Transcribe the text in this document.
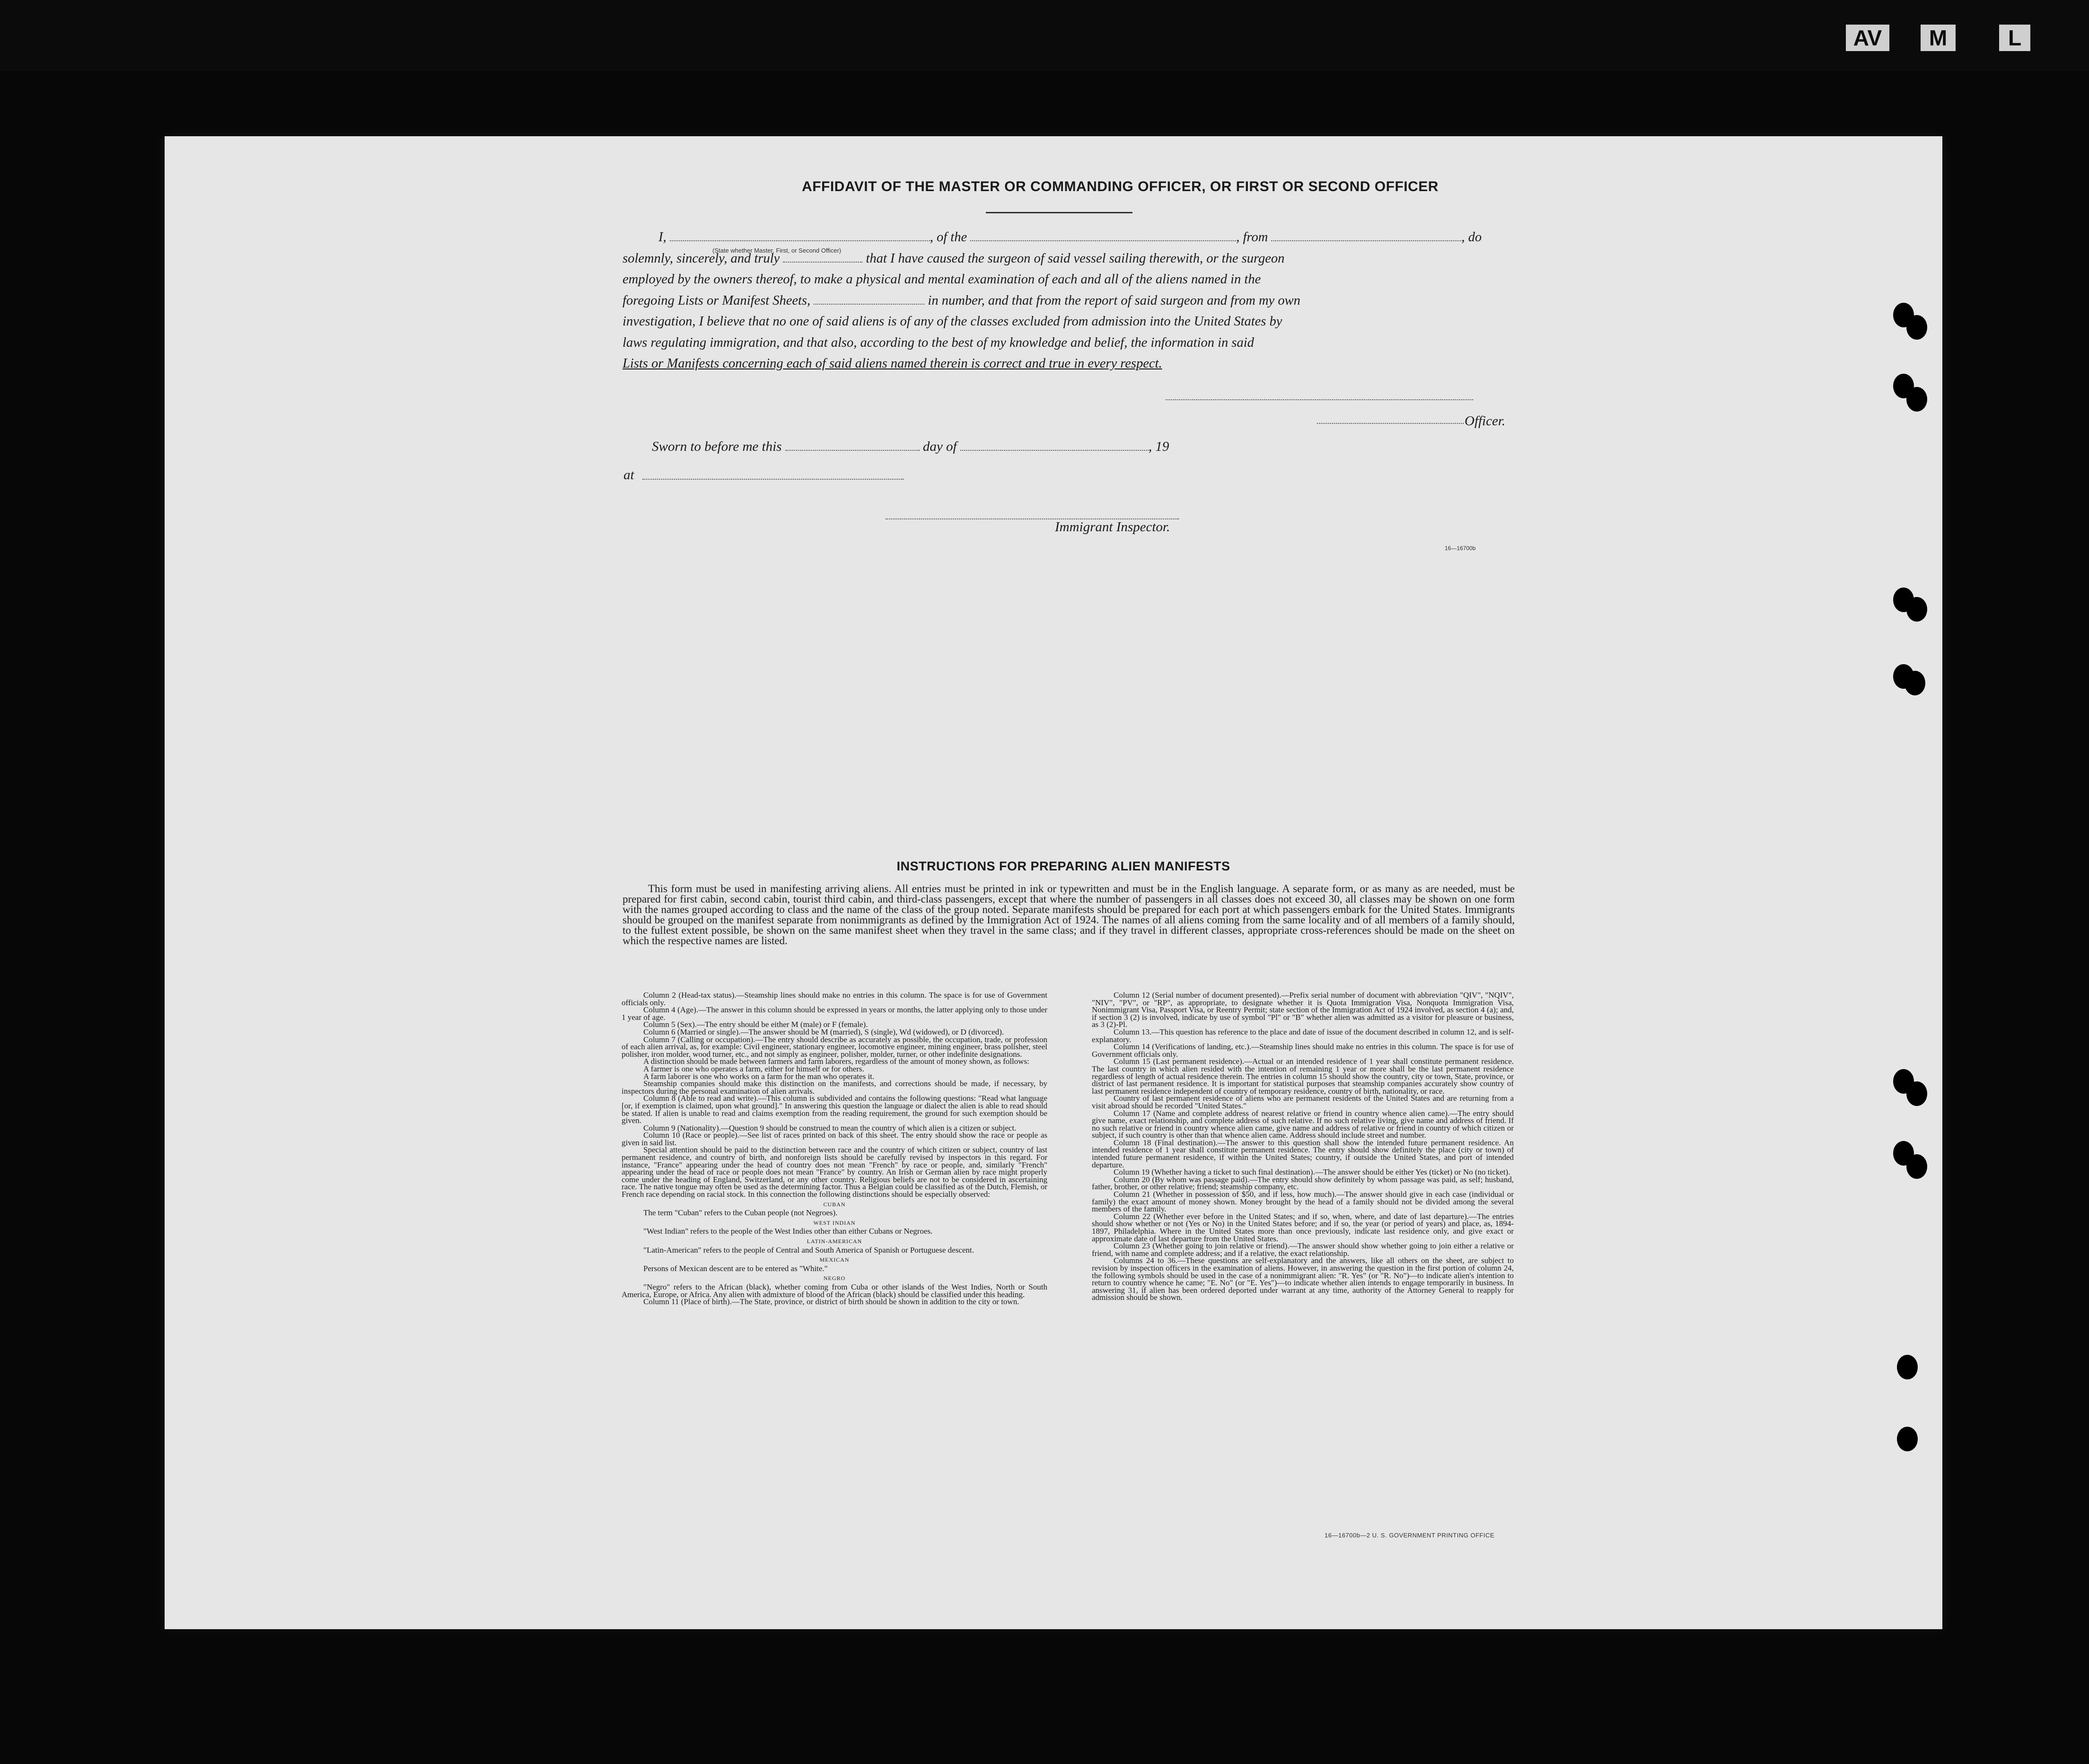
AV	M	L
AFFIDAVIT OF THE MASTER OR COMMANDING OFFICER, OR FIRST OR SECOND OFFICER
I,	, of the	, from	, do
solemnly, sincerely, and truly	that I have caused the surgeon of said vessel sailing therewith, or the surgeon
employed by the owners thereof, to make a physical and mental examination of each and all of the aliens named in the
foregoing Lists or Manifest Sheets,	in number, and that from the report of said surgeon and from my own
investigation, I believe that no one of said aliens is of any of the classes excluded from admission into the United States by
laws regulating immigration, and that also, according to the best of my knowledge and belief, the information in said
Lists or Manifests concerning each of said aliens named therein is correct and true in every respect.
(State whether Master, First, or Second Officer)
Officer.
Sworn to before me this	day of	, 19
at
Immigrant Inspector.
16—16700b
INSTRUCTIONS FOR PREPARING ALIEN MANIFESTS
This form must be used in manifesting arriving aliens. All entries must be printed in ink or typewritten and must be in the English language. A separate form, or as many as are needed, must be prepared for first cabin, second cabin, tourist third cabin, and third-class passengers, except that where the number of passengers in all classes does not exceed 30, all classes may be shown on one form with the names grouped according to class and the name of the class of the group noted. Separate manifests should be prepared for each port at which passengers embark for the United States. Immigrants should be grouped on the manifest separate from nonimmigrants as defined by the Immigration Act of 1924. The names of all aliens coming from the same locality and of all members of a family should, to the fullest extent possible, be shown on the same manifest sheet when they travel in the same class; and if they travel in different classes, appropriate cross-references should be made on the sheet on which the respective names are listed.

Column 2 (Head-tax status).—Steamship lines should make no entries in this column. The space is for use of Government officials only.

Column 4 (Age).—The answer in this column should be expressed in years or months, the latter applying only to those under 1 year of age.

Column 5 (Sex).—The entry should be either M (male) or F (female).

Column 6 (Married or single).—The answer should be M (married), S (single), Wd (widowed), or D (divorced).

Column 7 (Calling or occupation).—The entry should describe as accurately as possible, the occupation, trade, or profession of each alien arrival, as, for example: Civil engineer, stationary engineer, locomotive engineer, mining engineer, brass polisher, steel polisher, iron molder, wood turner, etc., and not simply as engineer, polisher, molder, turner, or other indefinite designations.

A distinction should be made between farmers and farm laborers, regardless of the amount of money shown, as follows:

A farmer is one who operates a farm, either for himself or for others.

A farm laborer is one who works on a farm for the man who operates it.

Steamship companies should make this distinction on the manifests, and corrections should be made, if necessary, by inspectors during the personal examination of alien arrivals.

Column 8 (Able to read and write).—This column is subdivided and contains the following questions: "Read what language [or, if exemption is claimed, upon what ground]." In answering this question the language or dialect the alien is able to read should be stated. If alien is unable to read and claims exemption from the reading requirement, the ground for such exemption should be given.

Column 9 (Nationality).—Question 9 should be construed to mean the country of which alien is a citizen or subject.

Column 10 (Race or people).—See list of races printed on back of this sheet. The entry should show the race or people as given in said list.

Special attention should be paid to the distinction between race and the country of which citizen or subject, country of last permanent residence, and country of birth, and nonforeign lists should be carefully revised by inspectors in this regard. For instance, "France" appearing under the head of country does not mean "French" by race or people, and, similarly "French" appearing under the head of race or people does not mean "France" by country. An Irish or German alien by race might properly come under the heading of England, Switzerland, or any other country. Religious beliefs are not to be considered in ascertaining race. The native tongue may often be used as the determining factor. Thus a Belgian could be classified as of the Dutch, Flemish, or French race depending on racial stock. In this connection the following distinctions should be especially observed:

CUBAN

The term "Cuban" refers to the Cuban people (not Negroes).

WEST INDIAN

"West Indian" refers to the people of the West Indies other than either Cubans or Negroes.

LATIN-AMERICAN

"Latin-American" refers to the people of Central and South America of Spanish or Portuguese descent.

MEXICAN

Persons of Mexican descent are to be entered as "White."

NEGRO

"Negro" refers to the African (black), whether coming from Cuba or other islands of the West Indies, North or South America, Europe, or Africa. Any alien with admixture of blood of the African (black) should be classified under this heading.

Column 11 (Place of birth).—The State, province, or district of birth should be shown in addition to the city or town.

Column 12 (Serial number of document presented).—Prefix serial number of document with abbreviation "QIV", "NQIV", "NIV", "PV", or "RP", as appropriate, to designate whether it is Quota Immigration Visa, Nonquota Immigration Visa, Nonimmigrant Visa, Passport Visa, or Reentry Permit; state section of the Immigration Act of 1924 involved, as section 4 (a); and, if section 3 (2) is involved, indicate by use of symbol "Pl" or "B" whether alien was admitted as a visitor for pleasure or business, as 3 (2)-Pl.

Column 13.—This question has reference to the place and date of issue of the document described in column 12, and is self-explanatory.

Column 14 (Verifications of landing, etc.).—Steamship lines should make no entries in this column. The space is for use of Government officials only.

Column 15 (Last permanent residence).—Actual or an intended residence of 1 year shall constitute permanent residence. The last country in which alien resided with the intention of remaining 1 year or more shall be the last permanent residence regardless of length of actual residence therein. The entries in column 15 should show the country, city or town, State, province, or district of last permanent residence. It is important for statistical purposes that steamship companies accurately show country of last permanent residence independent of country of temporary residence, country of birth, nationality, or race.

Country of last permanent residence of aliens who are permanent residents of the United States and are returning from a visit abroad should be recorded "United States."

Column 17 (Name and complete address of nearest relative or friend in country whence alien came).—The entry should give name, exact relationship, and complete address of such relative. If no such relative living, give name and address of friend. If no such relative or friend in country whence alien came, give name and address of relative or friend in country of which citizen or subject, if such country is other than that whence alien came. Address should include street and number.

Column 18 (Final destination).—The answer to this question shall show the intended future permanent residence. An intended residence of 1 year shall constitute permanent residence. The entry should show definitely the place (city or town) of intended future permanent residence, if within the United States; country, if outside the United States, and port of intended departure.

Column 19 (Whether having a ticket to such final destination).—The answer should be either Yes (ticket) or No (no ticket).

Column 20 (By whom was passage paid).—The entry should show definitely by whom passage was paid, as self; husband, father, brother, or other relative; friend; steamship company, etc.

Column 21 (Whether in possession of $50, and if less, how much).—The answer should give in each case (individual or family) the exact amount of money shown. Money brought by the head of a family should not be divided among the several members of the family.

Column 22 (Whether ever before in the United States; and if so, when, where, and date of last departure).—The entries should show whether or not (Yes or No) in the United States before; and if so, the year (or period of years) and place, as, 1894-1897, Philadelphia. Where in the United States more than once previously, indicate last residence only, and give exact or approximate date of last departure from the United States.

Column 23 (Whether going to join relative or friend).—The answer should show whether going to join either a relative or friend, with name and complete address; and if a relative, the exact relationship.

Columns 24 to 36.—These questions are self-explanatory and the answers, like all others on the sheet, are subject to revision by inspection officers in the examination of aliens. However, in answering the question in the first portion of column 24, the following symbols should be used in the case of a nonimmigrant alien: "R. Yes" (or "R. No")—to indicate alien's intention to return to country whence he came; "E. No" (or "E. Yes")—to indicate whether alien intends to engage temporarily in business. In answering 31, if alien has been ordered deported under warrant at any time, authority of the Attorney General to reapply for admission should be shown.

16—16700b—2 U. S. GOVERNMENT PRINTING OFFICE
